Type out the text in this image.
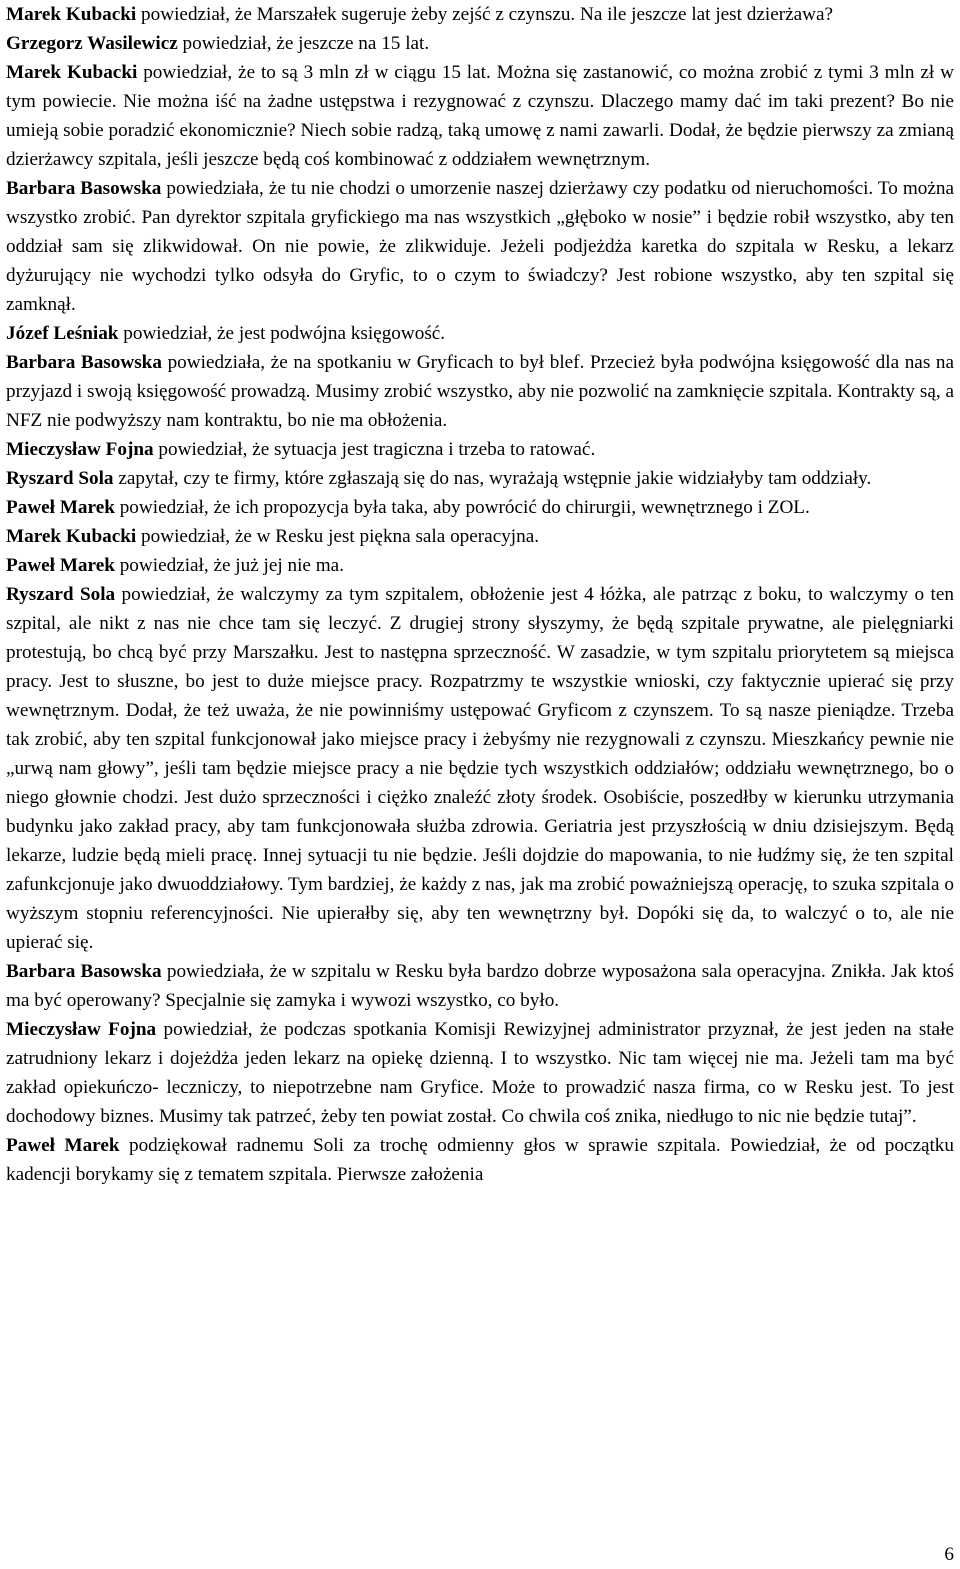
Marek Kubacki powiedział, że Marszałek sugeruje żeby zejść z czynszu. Na ile jeszcze lat jest dzierżawa?

Grzegorz Wasilewicz powiedział, że jeszcze na 15 lat.

Marek Kubacki powiedział, że to są 3 mln zł w ciągu 15 lat. Można się zastanowić, co można zrobić z tymi 3 mln zł w tym powiecie. Nie można iść na żadne ustępstwa i rezygnować z czynszu. Dlaczego mamy dać im taki prezent? Bo nie umieją sobie poradzić ekonomicznie? Niech sobie radzą, taką umowę z nami zawarli. Dodał, że będzie pierwszy za zmianą dzierżawcy szpitala, jeśli jeszcze będą coś kombinować z oddziałem wewnętrznym.

Barbara Basowska powiedziała, że tu nie chodzi o umorzenie naszej dzierżawy czy podatku od nieruchomości. To można wszystko zrobić. Pan dyrektor szpitala gryfickiego ma nas wszystkich „głęboko w nosie” i będzie robił wszystko, aby ten oddział sam się zlikwidował. On nie powie, że zlikwiduje. Jeżeli podjeżdża karetka do szpitala w Resku, a lekarz dyżurujący nie wychodzi tylko odsyła do Gryfic, to o czym to świadczy? Jest robione wszystko, aby ten szpital się zamknął.

Józef Leśniak powiedział, że jest podwójna księgowość.

Barbara Basowska powiedziała, że na spotkaniu w Gryficach to był blef. Przecież była podwójna księgowość dla nas na przyjazd i swoją księgowość prowadzą. Musimy zrobić wszystko, aby nie pozwolić na zamknięcie szpitala. Kontrakty są, a NFZ nie podwyższy nam kontraktu, bo nie ma obłożenia.

Mieczysław Fojna powiedział, że sytuacja jest tragiczna i trzeba to ratować.

Ryszard Sola zapytał, czy te firmy, które zgłaszają się do nas, wyrażają wstępnie jakie widziałyby tam oddziały.

Paweł Marek powiedział, że ich propozycja była taka, aby powrócić do chirurgii, wewnętrznego i ZOL.

Marek Kubacki powiedział, że w Resku jest piękna sala operacyjna.

Paweł Marek powiedział, że już jej nie ma.

Ryszard Sola powiedział, że walczymy za tym szpitalem, obłożenie jest 4 łóżka, ale patrząc z boku, to walczymy o ten szpital, ale nikt z nas nie chce tam się leczyć. Z drugiej strony słyszymy, że będą szpitale prywatne, ale pielęgniarki protestują, bo chcą być przy Marszałku. Jest to następna sprzeczność. W zasadzie, w tym szpitalu priorytetem są miejsca pracy. Jest to słuszne, bo jest to duże miejsce pracy. Rozpatrzmy te wszystkie wnioski, czy faktycznie upierać się przy wewnętrznym. Dodał, że też uważa, że nie powinniśmy ustępować Gryficom z czynszem. To są nasze pieniądze. Trzeba tak zrobić, aby ten szpital funkcjonował jako miejsce pracy i żebyśmy nie rezygnowali z czynszu. Mieszkańcy pewnie nie „urwą nam głowy”, jeśli tam będzie miejsce pracy a nie będzie tych wszystkich oddziałów; oddziału wewnętrznego, bo o niego głownie chodzi. Jest dużo sprzeczności i ciężko znaleźć złoty środek. Osobiście, poszedłby w kierunku utrzymania budynku jako zakład pracy, aby tam funkcjonowała służba zdrowia. Geriatria jest przyszłością w dniu dzisiejszym. Będą lekarze, ludzie będą mieli pracę. Innej sytuacji tu nie będzie. Jeśli dojdzie do mapowania, to nie łudźmy się, że ten szpital zafunkcjonuje jako dwuoddziałowy. Tym bardziej, że każdy z nas, jak ma zrobić poważniejszą operację, to szuka szpitala o wyższym stopniu referencyjności. Nie upierałby się, aby ten wewnętrzny był. Dopóki się da, to walczyć o to, ale nie upierać się.

Barbara Basowska powiedziała, że w szpitalu w Resku była bardzo dobrze wyposażona sala operacyjna. Znikła. Jak ktoś ma być operowany? Specjalnie się zamyka i wywozi wszystko, co było.

Mieczysław Fojna powiedział, że podczas spotkania Komisji Rewizyjnej administrator przyznał, że jest jeden na stałe zatrudniony lekarz i dojeżdża jeden lekarz na opiekę dzienną. I to wszystko. Nic tam więcej nie ma. Jeżeli tam ma być zakład opiekuńczo- leczniczy, to niepotrzebne nam Gryfice. Może to prowadzić nasza firma, co w Resku jest. To jest dochodowy biznes. Musimy tak patrzeć, żeby ten powiat został. Co chwila coś znika, niedługo to nic nie będzie tutaj”.

Paweł Marek podziękował radnemu Soli za trochę odmienny głos w sprawie szpitala. Powiedział, że od początku kadencji borykamy się z tematem szpitala. Pierwsze założenia

6
